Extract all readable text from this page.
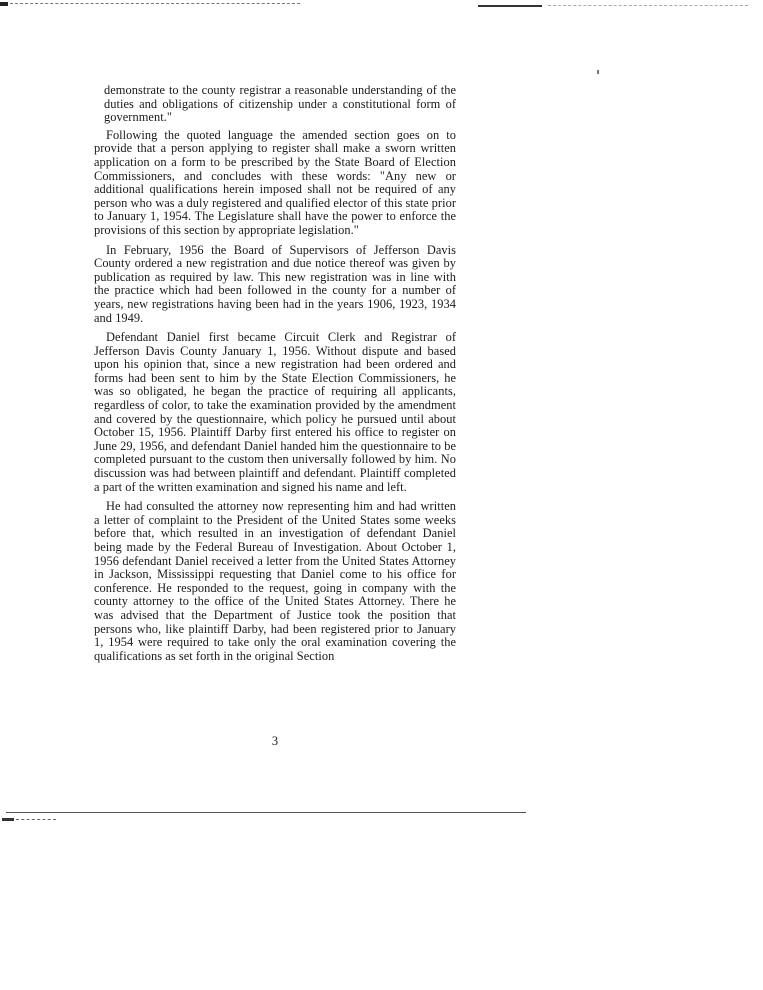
demonstrate to the county registrar a reasonable understanding of the duties and obligations of citizenship under a constitutional form of government."

Following the quoted language the amended section goes on to provide that a person applying to register shall make a sworn written application on a form to be prescribed by the State Board of Election Commissioners, and concludes with these words: "Any new or additional qualifications herein imposed shall not be required of any person who was a duly registered and qualified elector of this state prior to January 1, 1954. The Legislature shall have the power to enforce the provisions of this section by appropriate legislation."

In February, 1956 the Board of Supervisors of Jefferson Davis County ordered a new registration and due notice thereof was given by publication as required by law. This new registration was in line with the practice which had been followed in the county for a number of years, new registrations having been had in the years 1906, 1923, 1934 and 1949.

Defendant Daniel first became Circuit Clerk and Registrar of Jefferson Davis County January 1, 1956. Without dispute and based upon his opinion that, since a new registration had been ordered and forms had been sent to him by the State Election Commissioners, he was so obligated, he began the practice of requiring all applicants, regardless of color, to take the examination provided by the amendment and covered by the questionnaire, which policy he pursued until about October 15, 1956. Plaintiff Darby first entered his office to register on June 29, 1956, and defendant Daniel handed him the questionnaire to be completed pursuant to the custom then universally followed by him. No discussion was had between plaintiff and defendant. Plaintiff completed a part of the written examination and signed his name and left.

He had consulted the attorney now representing him and had written a letter of complaint to the President of the United States some weeks before that, which resulted in an investigation of defendant Daniel being made by the Federal Bureau of Investigation. About October 1, 1956 defendant Daniel received a letter from the United States Attorney in Jackson, Mississippi requesting that Daniel come to his office for conference. He responded to the request, going in company with the county attorney to the office of the United States Attorney. There he was advised that the Department of Justice took the position that persons who, like plaintiff Darby, had been registered prior to January 1, 1954 were required to take only the oral examination covering the qualifications as set forth in the original Section

3
